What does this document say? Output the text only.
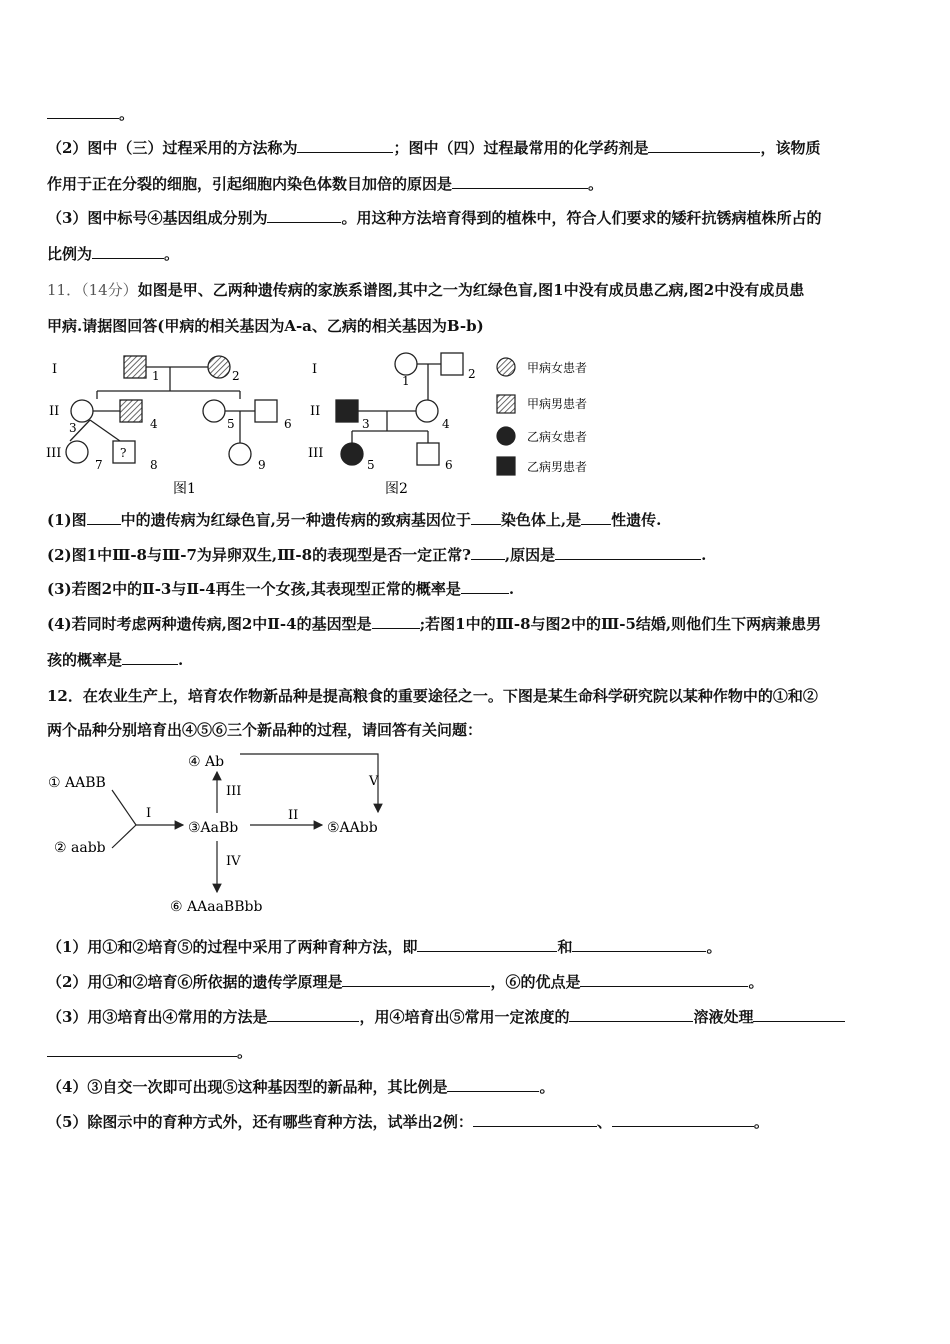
。
（2）图中（三）过程采用的方法称为	；图中（四）过程最常用的化学药剂是	，该物质
作用于正在分裂的细胞，引起细胞内染色体数目加倍的原因是	。
（3）图中标号④基因组成分别为	。用这种方法培育得到的植株中，符合人们要求的矮秆抗锈病植株所占的
比例为	。
11．（14分）如图是甲、乙两种遗传病的家族系谱图,其中之一为红绿色盲,图1中没有成员患乙病,图2中没有成员患
甲病.请据图回答(甲病的相关基因为A-a、乙病的相关基因为B-b)
I
II
III	?
1	2
3	4	5	6
7	8	9
图1
I
II
III
1	2
3	4
5	6
图2
甲病女患者
甲病男患者
乙病女患者
乙病男患者
(1)图 中的遗传病为红绿色盲,另一种遗传病的致病基因位于 染色体上,是 性遗传.
(2)图1中Ⅲ-8与Ⅲ-7为异卵双生,Ⅲ-8的表现型是否一定正常? ,原因是	.
(3)若图2中的Ⅱ-3与Ⅱ-4再生一个女孩,其表现型正常的概率是	.
(4)若同时考虑两种遗传病,图2中Ⅱ-4的基因型是	;若图1中的Ⅲ-8与图2中的Ⅲ-5结婚,则他们生下两病兼患男
孩的概率是	.
12．在农业生产上，培育农作物新品种是提高粮食的重要途径之一。下图是某生命科学研究院以某种作物中的①和②
两个品种分别培育出④⑤⑥三个新品种的过程，请回答有关问题：
① AABB
② aabb
③AaBb
④ Ab
⑤AAbb
⑥ AAaaBBbb
I	II
III
IV
V
（1）用①和②培育⑤的过程中采用了两种育种方法，即	和	。
（2）用①和②培育⑥所依据的遗传学原理是	，⑥的优点是	。
（3）用③培育出④常用的方法是	，用④培育出⑤常用一定浓度的	溶液处理
。
（4）③自交一次即可出现⑤这种基因型的新品种，其比例是	。
（5）除图示中的育种方式外，还有哪些育种方法，试举出2例：	、	。
